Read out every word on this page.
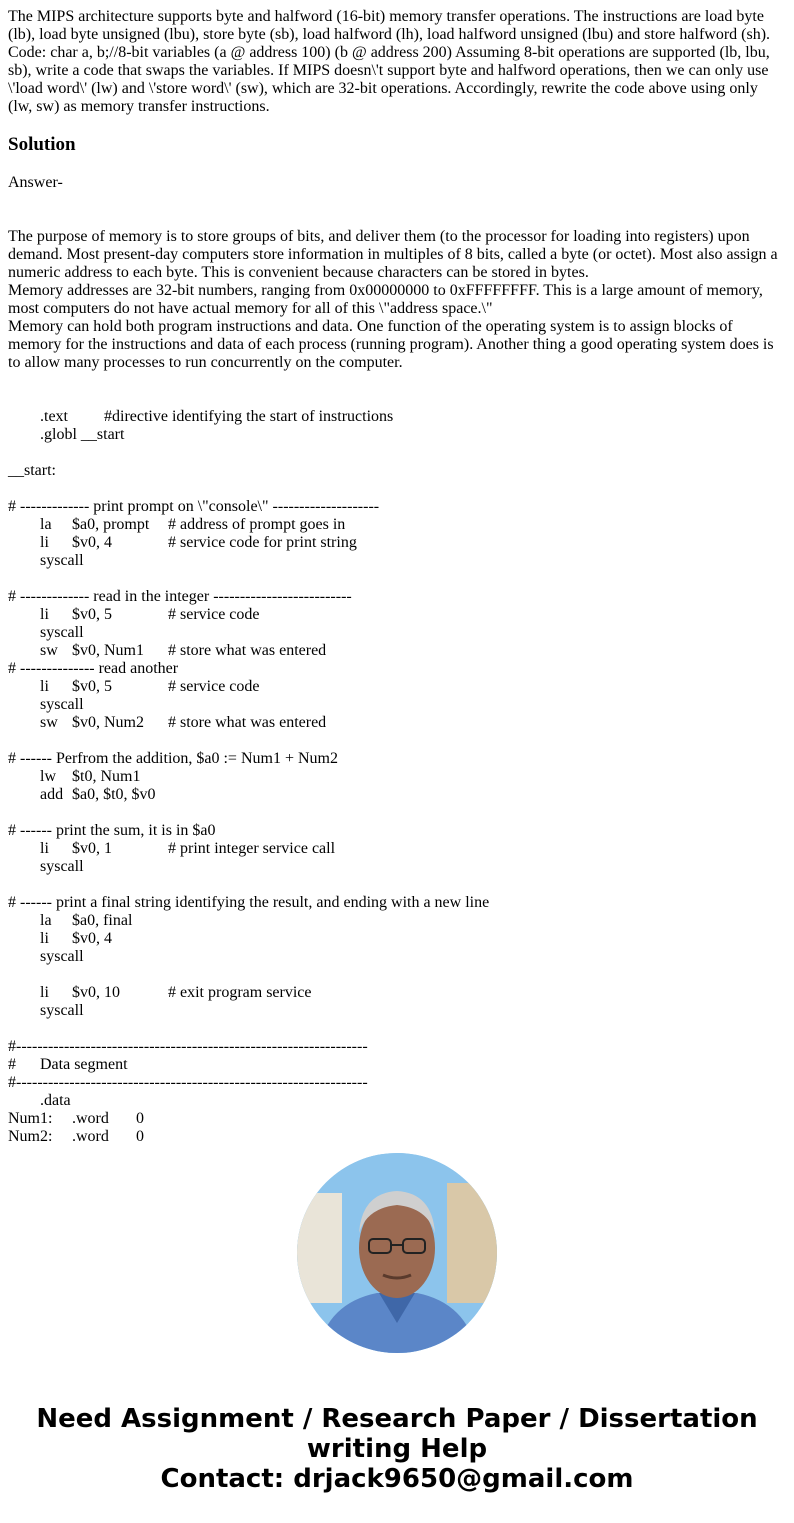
The MIPS architecture supports byte and halfword (16-bit) memory transfer operations. The instructions are load byte (lb), load byte unsigned (lbu), store byte (sb), load halfword (lh), load halfword unsigned (lbu) and store halfword (sh). Code: char a, b;//8-bit variables (a @ address 100) (b @ address 200) Assuming 8-bit operations are supported (lb, lbu, sb), write a code that swaps the variables. If MIPS doesn\'t support byte and halfword operations, then we can only use \'load word\' (lw) and \'store word\' (sw), which are 32-bit operations. Accordingly, rewrite the code above using only (lw, sw) as memory transfer instructions.

Solution

Answer-

The purpose of memory is to store groups of bits, and deliver them (to the processor for loading into registers) upon demand. Most present-day computers store information in multiples of 8 bits, called a byte (or octet). Most also assign a numeric address to each byte. This is convenient because characters can be stored in bytes.

Memory addresses are 32-bit numbers, ranging from 0x00000000 to 0xFFFFFFFF. This is a large amount of memory, most computers do not have actual memory for all of this \"address space.\"

Memory can hold both program instructions and data. One function of the operating system is to assign blocks of memory for the instructions and data of each process (running program). Another thing a good operating system does is to allow many processes to run concurrently on the computer.

	.text		#directive identifying the start of instructions
	.globl __start

__start:

# ------------- print prompt on \"console\" --------------------
	la	$a0, prompt	# address of prompt goes in
	li	$v0, 4		# service code for print string
	syscall

# ------------- read in the integer --------------------------
	li	$v0, 5		# service code
	syscall
	sw	$v0, Num1	# store what was entered
# -------------- read another
	li	$v0, 5		# service code
	syscall
	sw	$v0, Num2	# store what was entered

# ------ Perfrom the addition, $a0 := Num1 + Num2
	lw	$t0, Num1
	add	$a0, $t0, $v0

# ------ print the sum, it is in $a0
	li	$v0, 1		# print integer service call
	syscall

# ------ print a final string identifying the result, and ending with a new line
	la	$a0, final
	li	$v0, 4
	syscall

	li	$v0, 10		# exit program service
	syscall

#------------------------------------------------------------------
#	Data segment
#------------------------------------------------------------------
	.data
Num1:	.word	0
Num2:	.word	0
Need Assignment / Research Paper / Dissertation
writing Help
Contact: drjack9650@gmail.com
